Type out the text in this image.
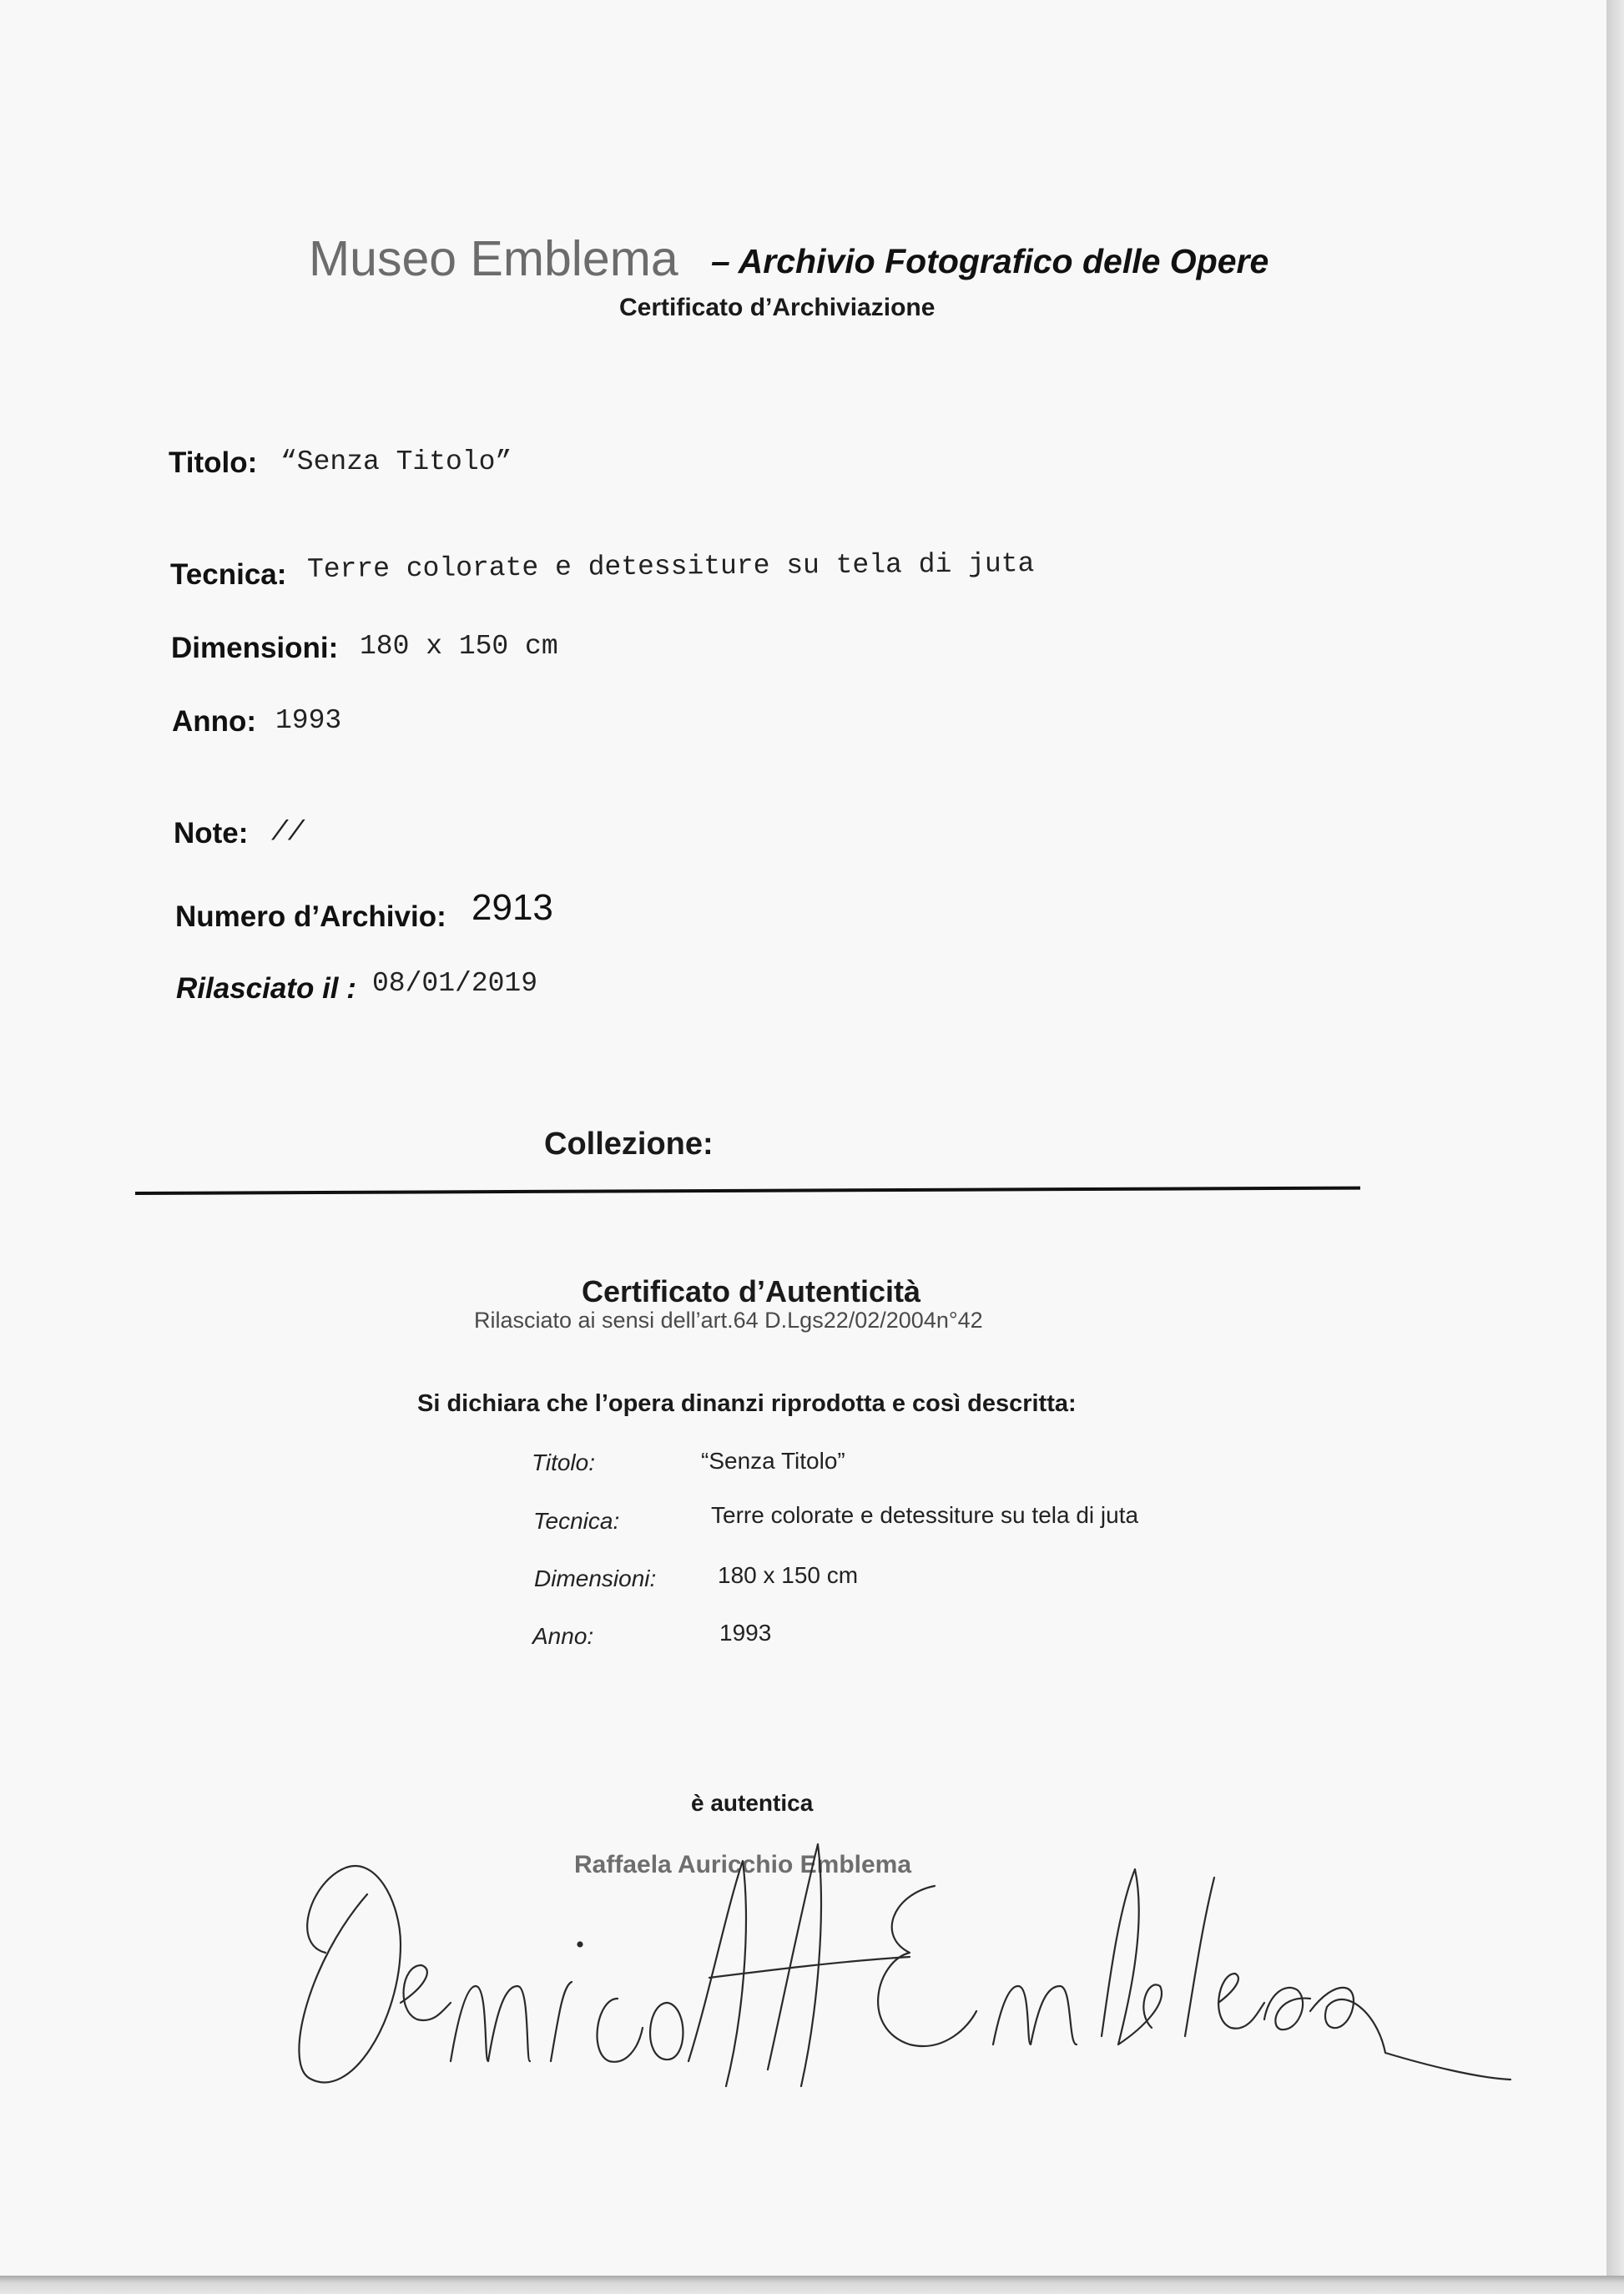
Museo Emblema – Archivio Fotografico delle Opere
Certificato d’Archiviazione
Titolo: “Senza Titolo”
Tecnica: Terre colorate e detessiture su tela di juta
Dimensioni: 180 x 150 cm
Anno: 1993
Note: //
Numero d’Archivio: 2913
Rilasciato il : 08/01/2019
Collezione:
Certificato d’Autenticità
Rilasciato ai sensi dell’art.64 D.Lgs22/02/2004n°42
Si dichiara che l’opera dinanzi riprodotta e così descritta:
Titolo:	“Senza Titolo”
Tecnica:	Terre colorate e detessiture su tela di juta
Dimensioni:	180 x 150 cm
Anno:	1993
è autentica
Raffaela Auricchio Emblema
